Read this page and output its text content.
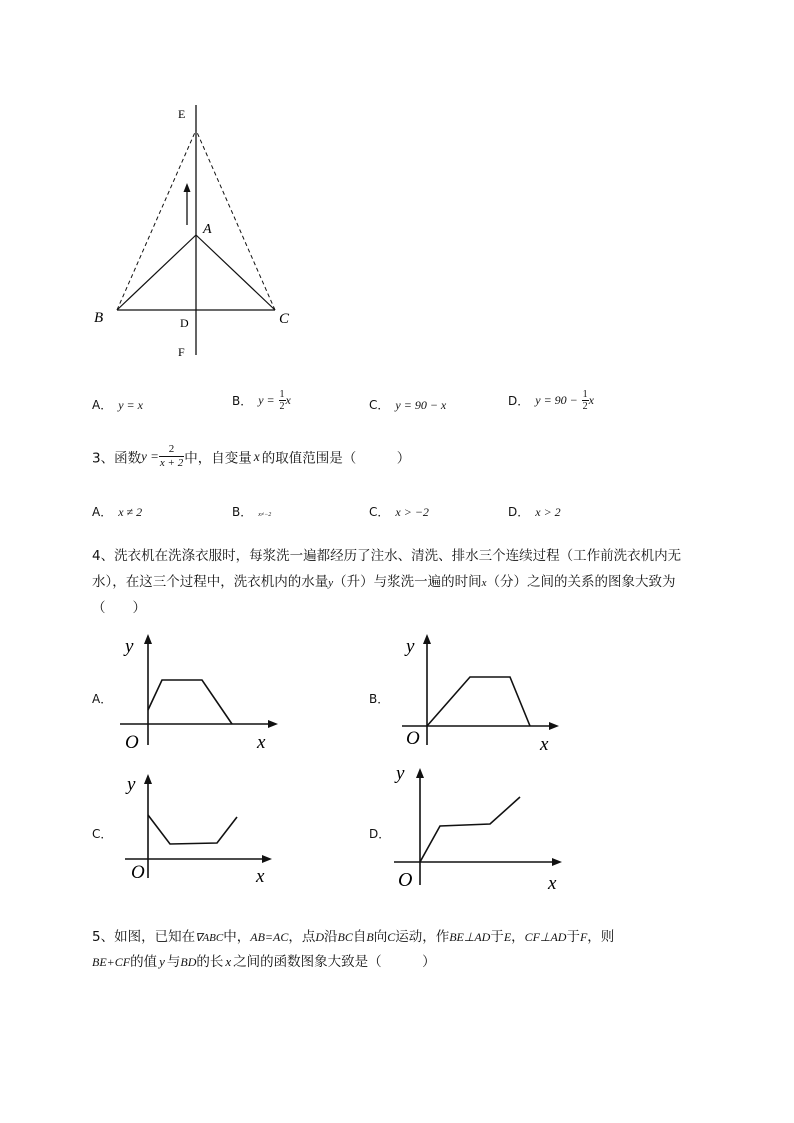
E
A
B	C
D
F
A． y = x	B． $y = \frac{1}{2}$ x	C． y = 90 − x	D． $y = 90 - \frac{1}{2}$ x
3、函数$y = \frac{2}{x + 2}$ 中，自变量 x 的取值范围是（　　　）
A． x ≠ 2	B． x≠−2	C． x > −2	D． x > 2
4、洗衣机在洗涤衣服时，每浆洗一遍都经历了注水、清洗、排水三个连续过程（工作前洗衣机内无
水），在这三个过程中，洗衣机内的水量y（升）与浆洗一遍的时间x（分）之间的关系的图象大致为
（　　）
A．
y
O	x
B．
y
O	x
C．
y
O	x
D．
y
O	x
5、如图，已知在∇ABC中，AB=AC，点D沿BC自B向C运动，作BE⊥AD于E，CF⊥AD于F，则
BE+CF的值 y 与BD的长 x 之间的函数图象大致是（　　　）
